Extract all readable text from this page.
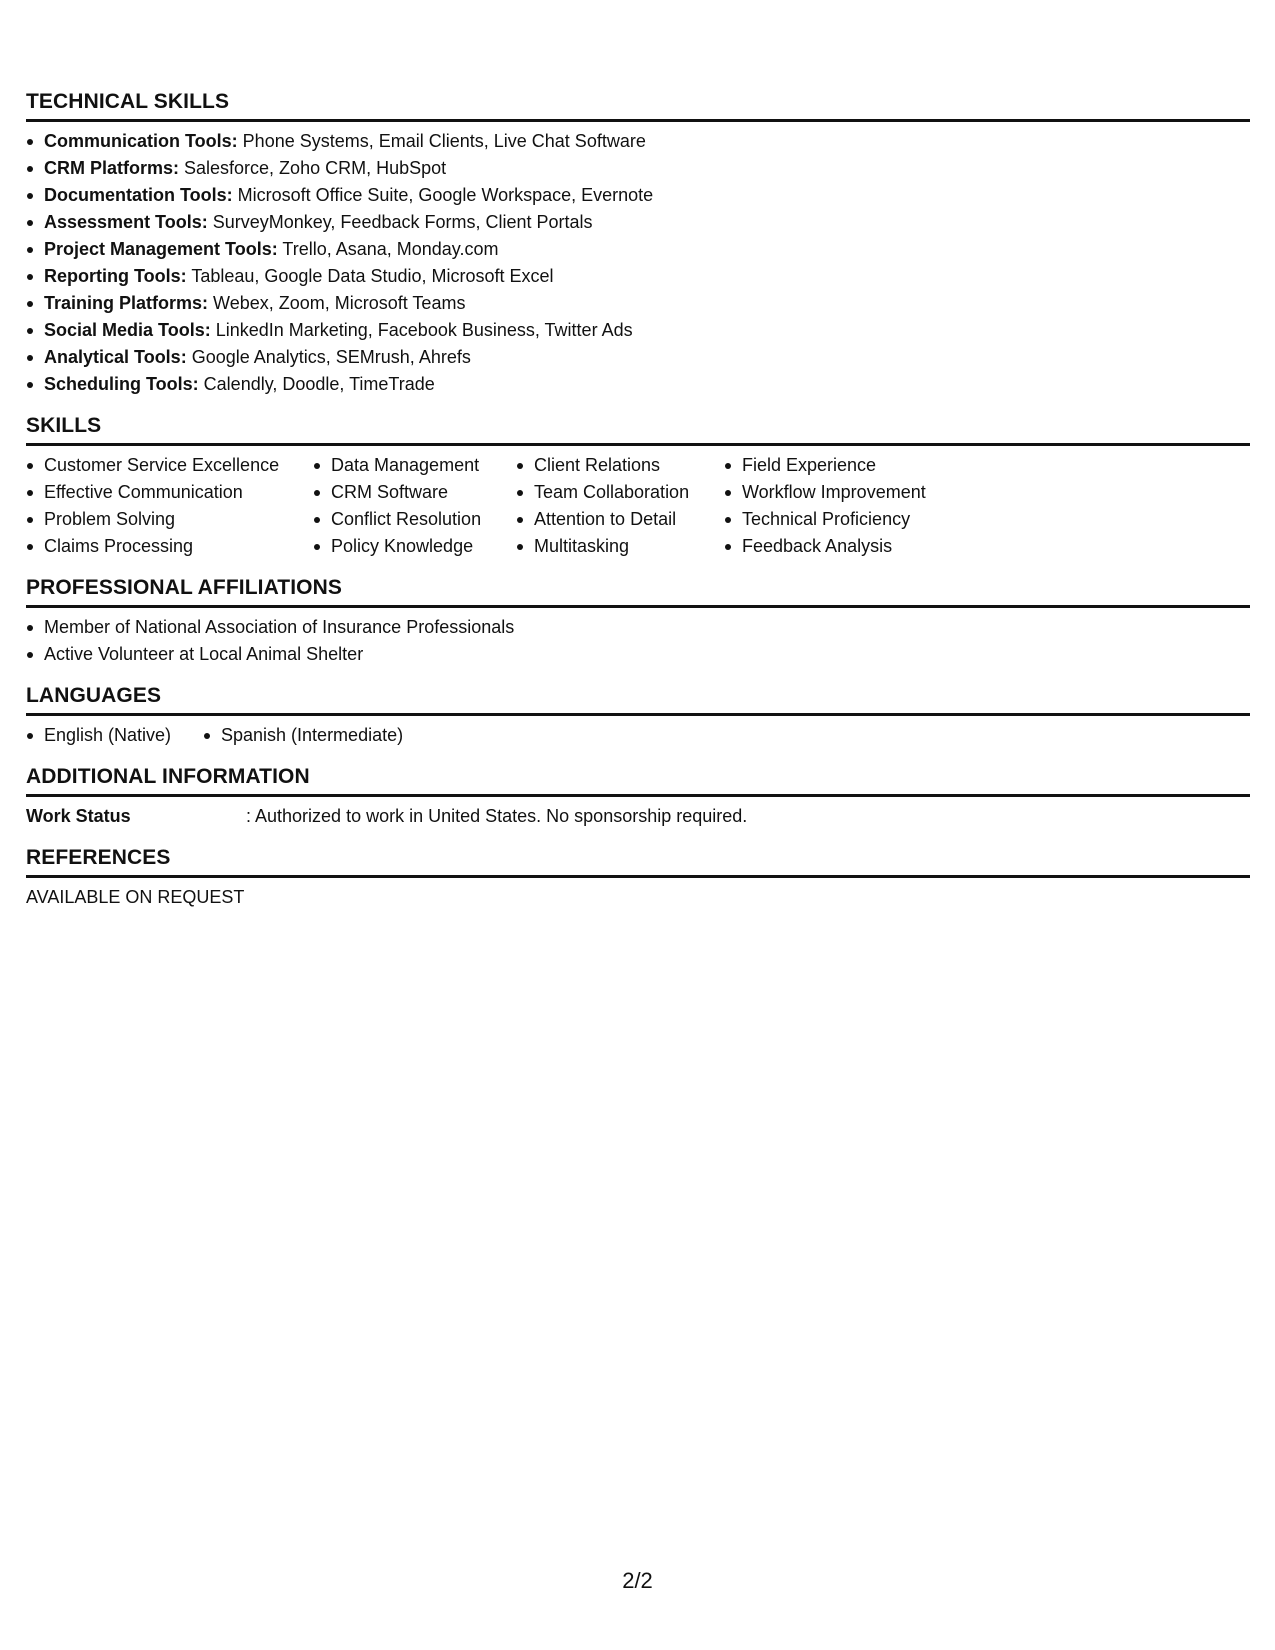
TECHNICAL SKILLS
Communication Tools: Phone Systems, Email Clients, Live Chat Software
CRM Platforms: Salesforce, Zoho CRM, HubSpot
Documentation Tools: Microsoft Office Suite, Google Workspace, Evernote
Assessment Tools: SurveyMonkey, Feedback Forms, Client Portals
Project Management Tools: Trello, Asana, Monday.com
Reporting Tools: Tableau, Google Data Studio, Microsoft Excel
Training Platforms: Webex, Zoom, Microsoft Teams
Social Media Tools: LinkedIn Marketing, Facebook Business, Twitter Ads
Analytical Tools: Google Analytics, SEMrush, Ahrefs
Scheduling Tools: Calendly, Doodle, TimeTrade
SKILLS
Customer Service Excellence
Effective Communication
Problem Solving
Claims Processing
Data Management
CRM Software
Conflict Resolution
Policy Knowledge
Client Relations
Team Collaboration
Attention to Detail
Multitasking
Field Experience
Workflow Improvement
Technical Proficiency
Feedback Analysis
PROFESSIONAL AFFILIATIONS
Member of National Association of Insurance Professionals
Active Volunteer at Local Animal Shelter
LANGUAGES
English (Native)	Spanish (Intermediate)
ADDITIONAL INFORMATION
Work Status	: Authorized to work in United States. No sponsorship required.
REFERENCES
AVAILABLE ON REQUEST
2/2
